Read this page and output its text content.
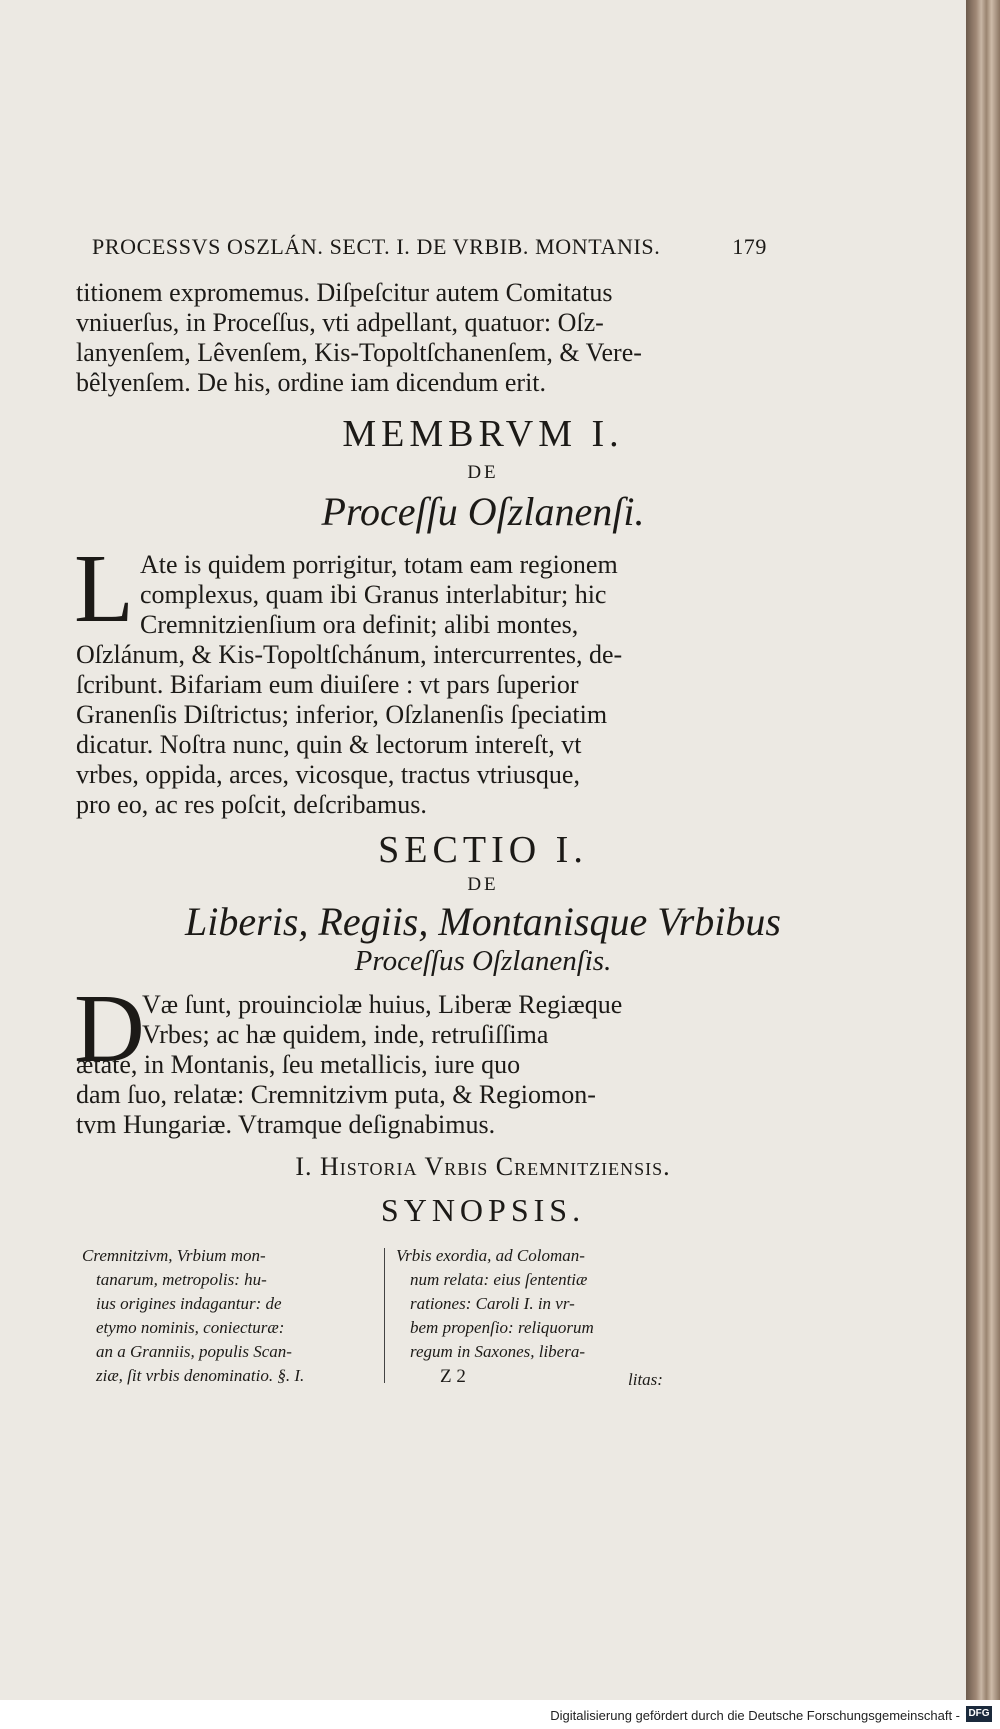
PROCESSVS OSZLÁN. SECT. I. DE VRBIB. MONTANIS.	179
titionem expromemus. Diſpeſcitur autem Comitatus
vniuerſus, in Proceſſus, vti adpellant, quatuor: Oſz-
lanyenſem, Lêvenſem, Kis-Topoltſchanenſem, & Vere-
bêlyenſem. De his, ordine iam dicendum erit.
MEMBRVM I.
DE
Proceſſu Oſzlanenſi.
L Ate is quidem porrigitur, totam eam regionem
complexus, quam ibi Granus interlabitur; hic
Cremnitzienſium ora definit; alibi montes,
Oſzlánum, & Kis-Topoltſchánum, intercurrentes, de-
ſcribunt. Bifariam eum diuiſere : vt pars ſuperior
Granenſis Diſtrictus; inferior, Oſzlanenſis ſpeciatim
dicatur. Noſtra nunc, quin & lectorum intereſt, vt
vrbes, oppida, arces, vicosque, tractus vtriusque,
pro eo, ac res poſcit, deſcribamus.
SECTIO I.
DE
Liberis, Regiis, Montanisque Vrbibus
Proceſſus Oſzlanenſis.
D
Væ ſunt, prouinciolæ huius, Liberæ Regiæque
Vrbes; ac hæ quidem, inde, retruſiſſima
ætate, in Montanis, ſeu metallicis, iure quo
dam ſuo, relatæ: Cremnitzivm puta, & Regiomon-
tvm Hungariæ. Vtramque deſignabimus.
I. Historia Vrbis Cremnitziensis.
SYNOPSIS.
Cremnitzivm, Vrbium mon-
tanarum, metropolis: hu-
ius origines indagantur: de
etymo nominis, coniecturæ:
an a Granniis, populis Scan-
ziæ, ſit vrbis denominatio. §. I.
Vrbis exordia, ad Coloman-
num relata: eius ſententiæ
rationes: Caroli I. in vr-
bem propenſio: reliquorum
regum in Saxones, libera-
Z 2	litas:
Digitalisierung gefördert durch die Deutsche Forschungsgemeinschaft - DFG
